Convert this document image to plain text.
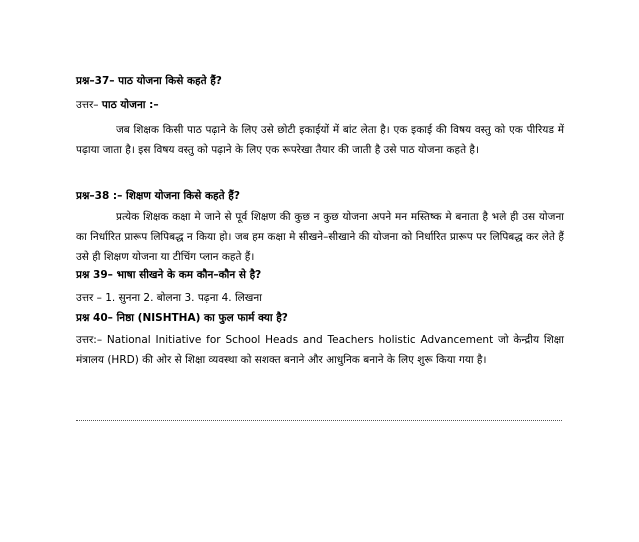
प्रश्न–37– पाठ योजना किसे कहते हैं?
उत्तर– पाठ योजना :–
जब शिक्षक किसी पाठ पढ़ाने के लिए उसे छोटी इकाईयों में बांट लेता है। एक इकाई की विषय वस्तु को एक पीरियड में पढ़ाया जाता है। इस विषय वस्तु को पढ़ाने के लिए एक रूपरेखा तैयार की जाती है उसे पाठ योजना कहते है।
प्रश्न–38 :– शिक्षण योजना किसे कहते हैं?
प्रत्येक शिक्षक कक्षा मे जाने से पूर्व शिक्षण की कुछ न कुछ योजना अपने मन मस्तिष्क मे बनाता है भले ही उस योजना का निर्धारित प्रारूप लिपिबद्ध न किया हो। जब हम कक्षा मे सीखने–सीखाने की योजना को निर्धारित प्रारूप पर लिपिबद्ध कर लेते हैं उसे ही शिक्षण योजना या टीचिंग प्लान कहते हैं।
प्रश्न 39– भाषा सीखने के कम कौन–कौन से है?
उत्तर – 1. सुनना 2. बोलना 3. पढ़ना 4. लिखना
प्रश्न 40– निष्ठा (NISHTHA) का फुल फार्म क्या है?
उत्तर:– National Initiative for School Heads and Teachers holistic Advancement जो केन्द्रीय शिक्षा मंत्रालय (HRD) की ओर से शिक्षा व्यवस्था को सशक्त बनाने और आधुनिक बनाने के लिए शुरू किया गया है।
